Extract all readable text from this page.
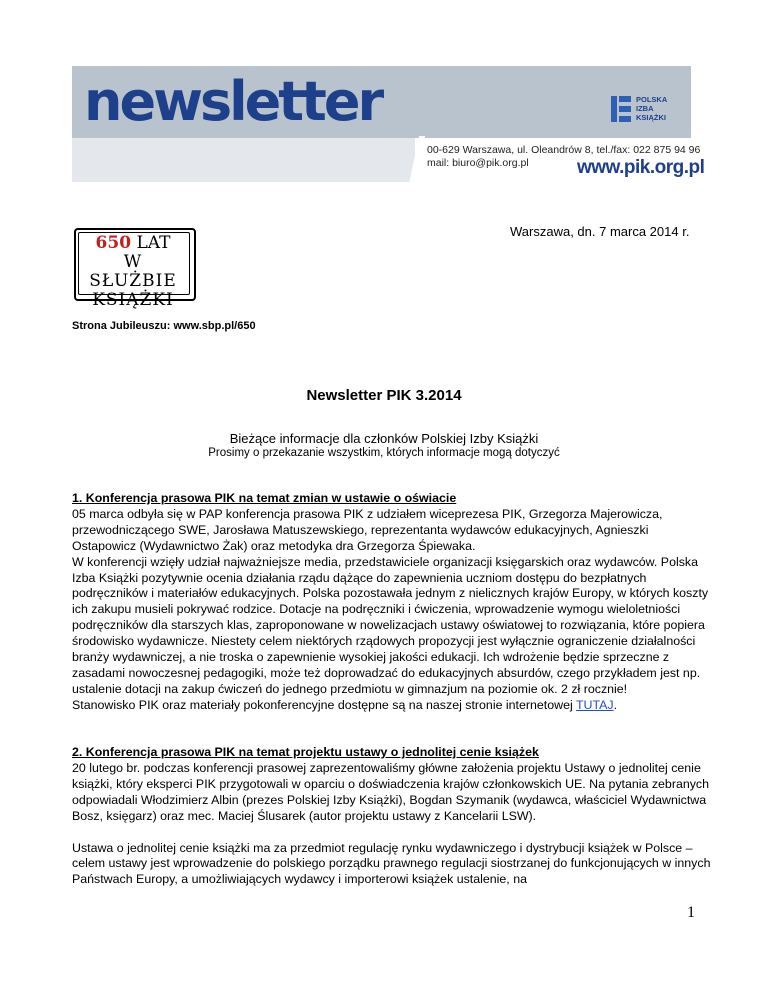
newsletter	POLSKA
IZBA
KSIĄŻKI
00-629 Warszawa, ul. Oleandrów 8, tel./fax: 022 875 94 96
mail: biuro@pik.org.pl	www.pik.org.pl
650 LAT
W SŁUŻBIE
KSIĄŻKI
Warszawa, dn. 7 marca 2014 r.
Strona Jubileuszu: www.sbp.pl/650
Newsletter PIK 3.2014
Bieżące informacje dla członków Polskiej Izby Książki
Prosimy o przekazanie wszystkim, których informacje mogą dotyczyć
1. Konferencja prasowa PIK na temat zmian w ustawie o oświacie

05 marca odbyła się w PAP konferencja prasowa PIK z udziałem wiceprezesa PIK, Grzegorza Majerowicza, przewodniczącego SWE, Jarosława Matuszewskiego, reprezentanta wydawców edukacyjnych, Agnieszki Ostapowicz (Wydawnictwo Żak) oraz metodyka dra Grzegorza Śpiewaka.
W konferencji wzięły udział najważniejsze media, przedstawiciele organizacji księgarskich oraz wydawców. Polska Izba Książki pozytywnie ocenia działania rządu dążące do zapewnienia uczniom dostępu do bezpłatnych podręczników i materiałów edukacyjnych. Polska pozostawała jednym z nielicznych krajów Europy, w których koszty ich zakupu musieli pokrywać rodzice. Dotacje na podręczniki i ćwiczenia, wprowadzenie wymogu wieloletniości podręczników dla starszych klas, zaproponowane w nowelizacjach ustawy oświatowej to rozwiązania, które popiera środowisko wydawnicze. Niestety celem niektórych rządowych propozycji jest wyłącznie ograniczenie działalności branży wydawniczej, a nie troska o zapewnienie wysokiej jakości edukacji. Ich wdrożenie będzie sprzeczne z zasadami nowoczesnej pedagogiki, może też doprowadzać do edukacyjnych absurdów, czego przykładem jest np. ustalenie dotacji na zakup ćwiczeń do jednego przedmiotu w gimnazjum na poziomie ok. 2 zł rocznie!

Stanowisko PIK oraz materiały pokonferencyjne dostępne są na naszej stronie internetowej TUTAJ.

2. Konferencja prasowa PIK na temat projektu ustawy o jednolitej cenie książek

20 lutego br. podczas konferencji prasowej zaprezentowaliśmy główne założenia projektu Ustawy o jednolitej cenie książki, który eksperci PIK przygotowali w oparciu o doświadczenia krajów członkowskich UE. Na pytania zebranych odpowiadali Włodzimierz Albin (prezes Polskiej Izby Książki), Bogdan Szymanik (wydawca, właściciel Wydawnictwa Bosz, księgarz) oraz mec. Maciej Ślusarek (autor projektu ustawy z Kancelarii LSW).

Ustawa o jednolitej cenie książki ma za przedmiot regulację rynku wydawniczego i dystrybucji książek w Polsce – celem ustawy jest wprowadzenie do polskiego porządku prawnego regulacji siostrzanej do funkcjonujących w innych Państwach Europy, a umożliwiających wydawcy i importerowi książek ustalenie, na

1
